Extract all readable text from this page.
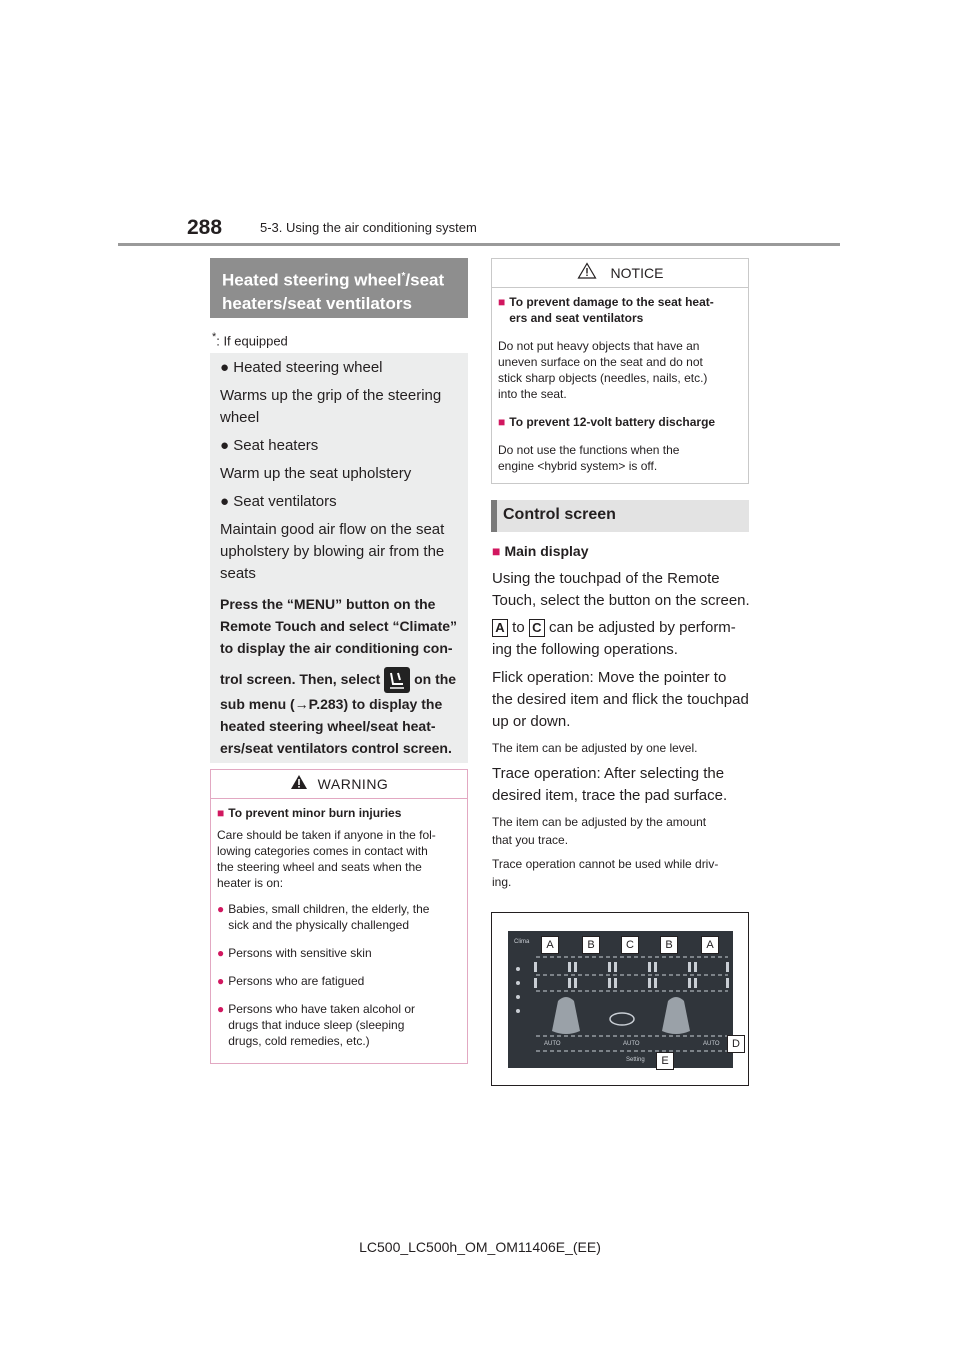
288	5-3. Using the air conditioning system
Heated steering wheel*/seat
heaters/seat ventilators
*: If equipped

● Heated steering wheel

Warms up the grip of the steering

wheel

● Seat heaters

Warm up the seat upholstery

● Seat ventilators

Maintain good air flow on the seat

upholstery by blowing air from the

seats

Press the “MENU” button on the

Remote Touch and select “Climate”

to display the air conditioning con-

trol screen. Then, select on the

sub menu (→P.283) to display the

heated steering wheel/seat heat-

ers/seat ventilators control screen.

WARNING
■ To prevent minor burn injuries
Care should be taken if anyone in the fol-
lowing categories comes in contact with
the steering wheel and seats when the
heater is on:
● Babies, small children, the elderly, the
sick and the physically challenged
● Persons with sensitive skin
● Persons who are fatigued
● Persons who have taken alcohol or
drugs that induce sleep (sleeping
drugs, cold remedies, etc.)
NOTICE
■ To prevent damage to the seat heat-
ers and seat ventilators
Do not put heavy objects that have an
uneven surface on the seat and do not
stick sharp objects (needles, nails, etc.)
into the seat.
■ To prevent 12-volt battery discharge
Do not use the functions when the
engine <hybrid system> is off.
Control screen

■ Main display

Using the touchpad of the Remote

Touch, select the button on the screen.

A to C can be adjusted by perform-

ing the following operations.

Flick operation: Move the pointer to

the desired item and flick the touchpad

up or down.

The item can be adjusted by one level.

Trace operation: After selecting the

desired item, trace the pad surface.

The item can be adjusted by the amount

that you trace.

Trace operation cannot be used while driv-

ing.

Clima
AUTO	AUTO	AUTO
Setting
A	B	C	B	A
D
E
LC500_LC500h_OM_OM11406E_(EE)
